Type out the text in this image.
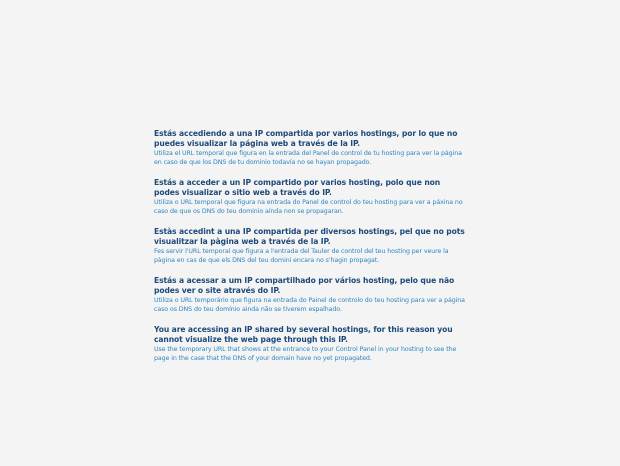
Estás accediendo a una IP compartida por varios hostings, por lo que no puedes visualizar la página web a través de la IP.

Utiliza el URL temporal que figura en la entrada del Panel de control de tu hosting para ver la página en caso de que los DNS de tu dominio todavía no se hayan propagado.

Estás a acceder a un IP compartido por varios hosting, polo que non podes visualizar o sitio web a través do IP.

Utiliza o URL temporal que figura na entrada do Panel de control do teu hosting para ver a páxina no caso de que os DNS do teu dominio aínda non se propagaran.

Estàs accedint a una IP compartida per diversos hostings, pel que no pots visualitzar la pàgina web a través de la IP.

Fes servir l'URL temporal que figura a l'entrada del Tauler de control del teu hosting per veure la pàgina en cas de que els DNS del teu domini encara no s'hagin propagat.

Estás a acessar a um IP compartilhado por vários hosting, pelo que não podes ver o site através do IP.

Utiliza o URL temporário que figura na entrada do Painel de controlo do teu hosting para ver a página caso os DNS do teu domínio ainda não se tiverem espalhado.

You are accessing an IP shared by several hostings, for this reason you cannot visualize the web page through this IP.

Use the temporary URL that shows at the entrance to your Control Panel in your hosting to see the page in the case that the DNS of your domain have no yet propagated.
